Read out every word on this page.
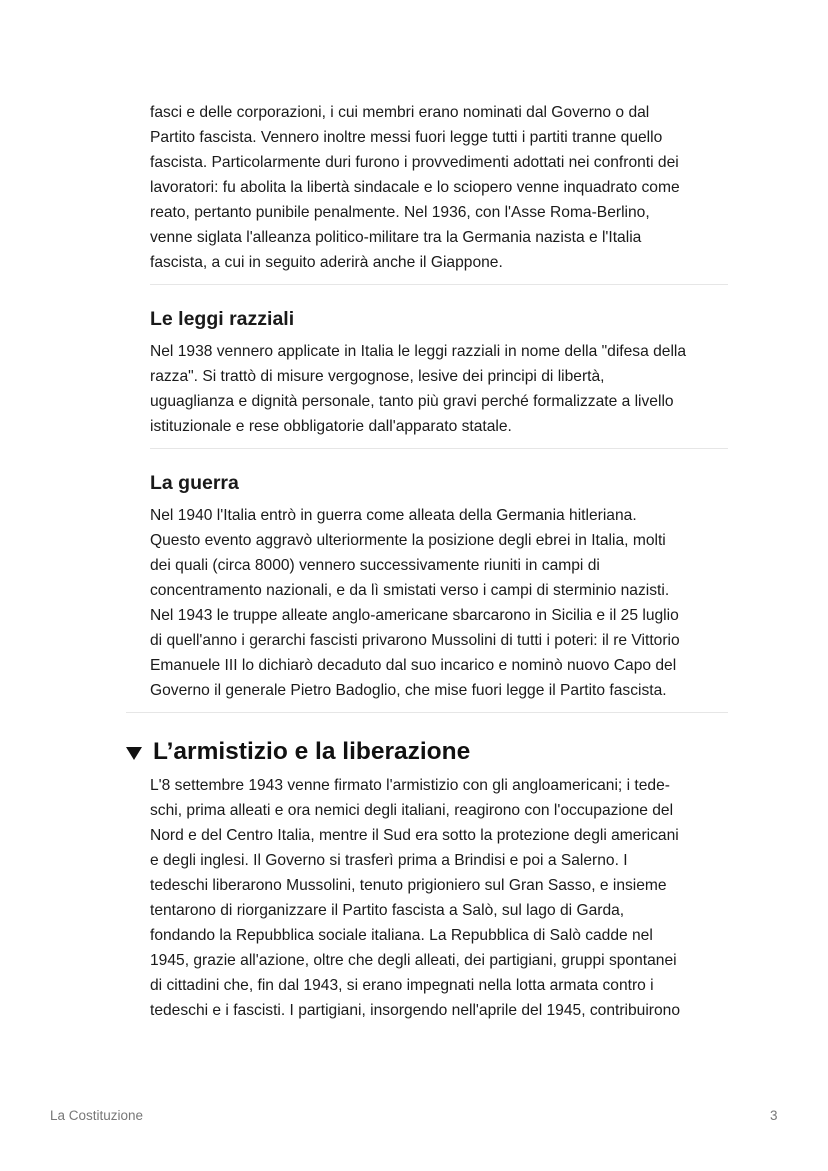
fasci e delle corporazioni, i cui membri erano nominati dal Governo o dal
Partito fascista. Vennero inoltre messi fuori legge tutti i partiti tranne quello
fascista. Particolarmente duri furono i provvedimenti adottati nei confronti dei
lavoratori: fu abolita la libertà sindacale e lo sciopero venne inquadrato come
reato, pertanto punibile penalmente. Nel 1936, con l'Asse Roma-Berlino,
venne siglata l'alleanza politico-militare tra la Germania nazista e l'Italia
fascista, a cui in seguito aderirà anche il Giappone.

Le leggi razziali

Nel 1938 vennero applicate in Italia le leggi razziali in nome della "difesa della
razza". Si trattò di misure vergognose, lesive dei principi di libertà,
uguaglianza e dignità personale, tanto più gravi perché formalizzate a livello
istituzionale e rese obbligatorie dall'apparato statale.

La guerra

Nel 1940 l'Italia entrò in guerra come alleata della Germania hitleriana.
Questo evento aggravò ulteriormente la posizione degli ebrei in Italia, molti
dei quali (circa 8000) vennero successivamente riuniti in campi di
concentramento nazionali, e da lì smistati verso i campi di sterminio nazisti.
Nel 1943 le truppe alleate anglo-americane sbarcarono in Sicilia e il 25 luglio
di quell'anno i gerarchi fascisti privarono Mussolini di tutti i poteri: il re Vittorio
Emanuele III lo dichiarò decaduto dal suo incarico e nominò nuovo Capo del
Governo il generale Pietro Badoglio, che mise fuori legge il Partito fascista.

L’armistizio e la liberazione

L'8 settembre 1943 venne firmato l'armistizio con gli angloamericani; i tede-
schi, prima alleati e ora nemici degli italiani, reagirono con l'occupazione del
Nord e del Centro Italia, mentre il Sud era sotto la protezione degli americani
e degli inglesi. Il Governo si trasferì prima a Brindisi e poi a Salerno. I
tedeschi liberarono Mussolini, tenuto prigioniero sul Gran Sasso, e insieme
tentarono di riorganizzare il Partito fascista a Salò, sul lago di Garda,
fondando la Repubblica sociale italiana. La Repubblica di Salò cadde nel
1945, grazie all'azione, oltre che degli alleati, dei partigiani, gruppi spontanei
di cittadini che, fin dal 1943, si erano impegnati nella lotta armata contro i
tedeschi e i fascisti. I partigiani, insorgendo nell'aprile del 1945, contribuirono

La Costituzione	3
